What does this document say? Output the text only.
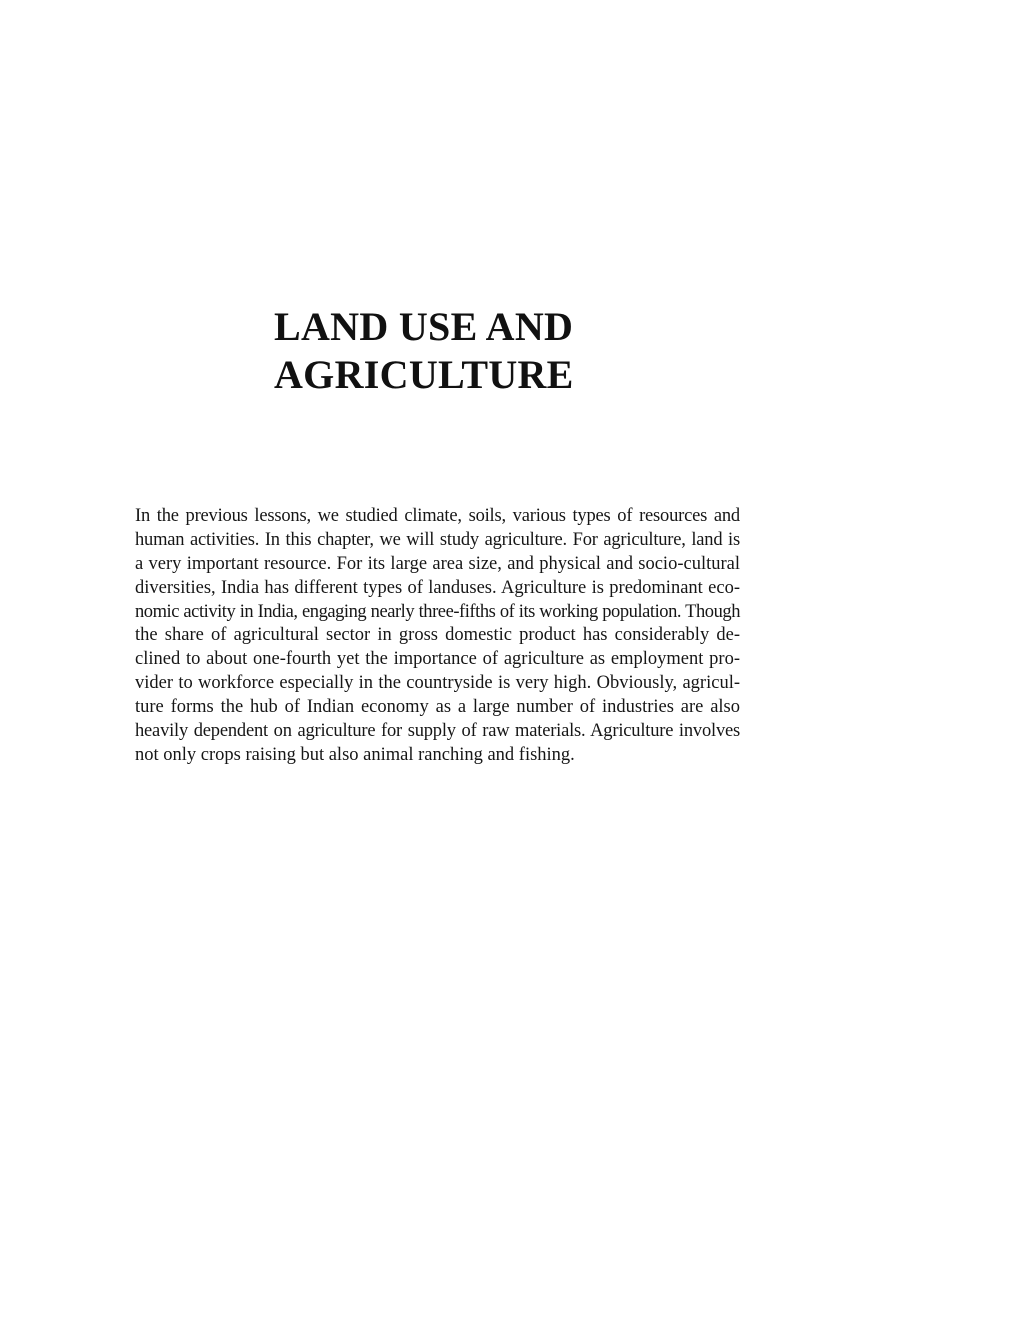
LAND USE AND
AGRICULTURE
In the previous lessons, we studied climate, soils, various types of resources and
human activities. In this chapter, we will study agriculture. For agriculture, land is
a very important resource. For its large area size, and physical and socio-cultural
diversities, India has different types of landuses. Agriculture is predominant eco-
nomic activity in India, engaging nearly three-fifths of its working population. Though
the share of agricultural sector in gross domestic product has considerably de-
clined to about one-fourth yet the importance of agriculture as employment pro-
vider to workforce especially in the countryside is very high. Obviously, agricul-
ture forms the hub of Indian economy as a large number of industries are also
heavily dependent on agriculture for supply of raw materials. Agriculture involves
not only crops raising but also animal ranching and fishing.
